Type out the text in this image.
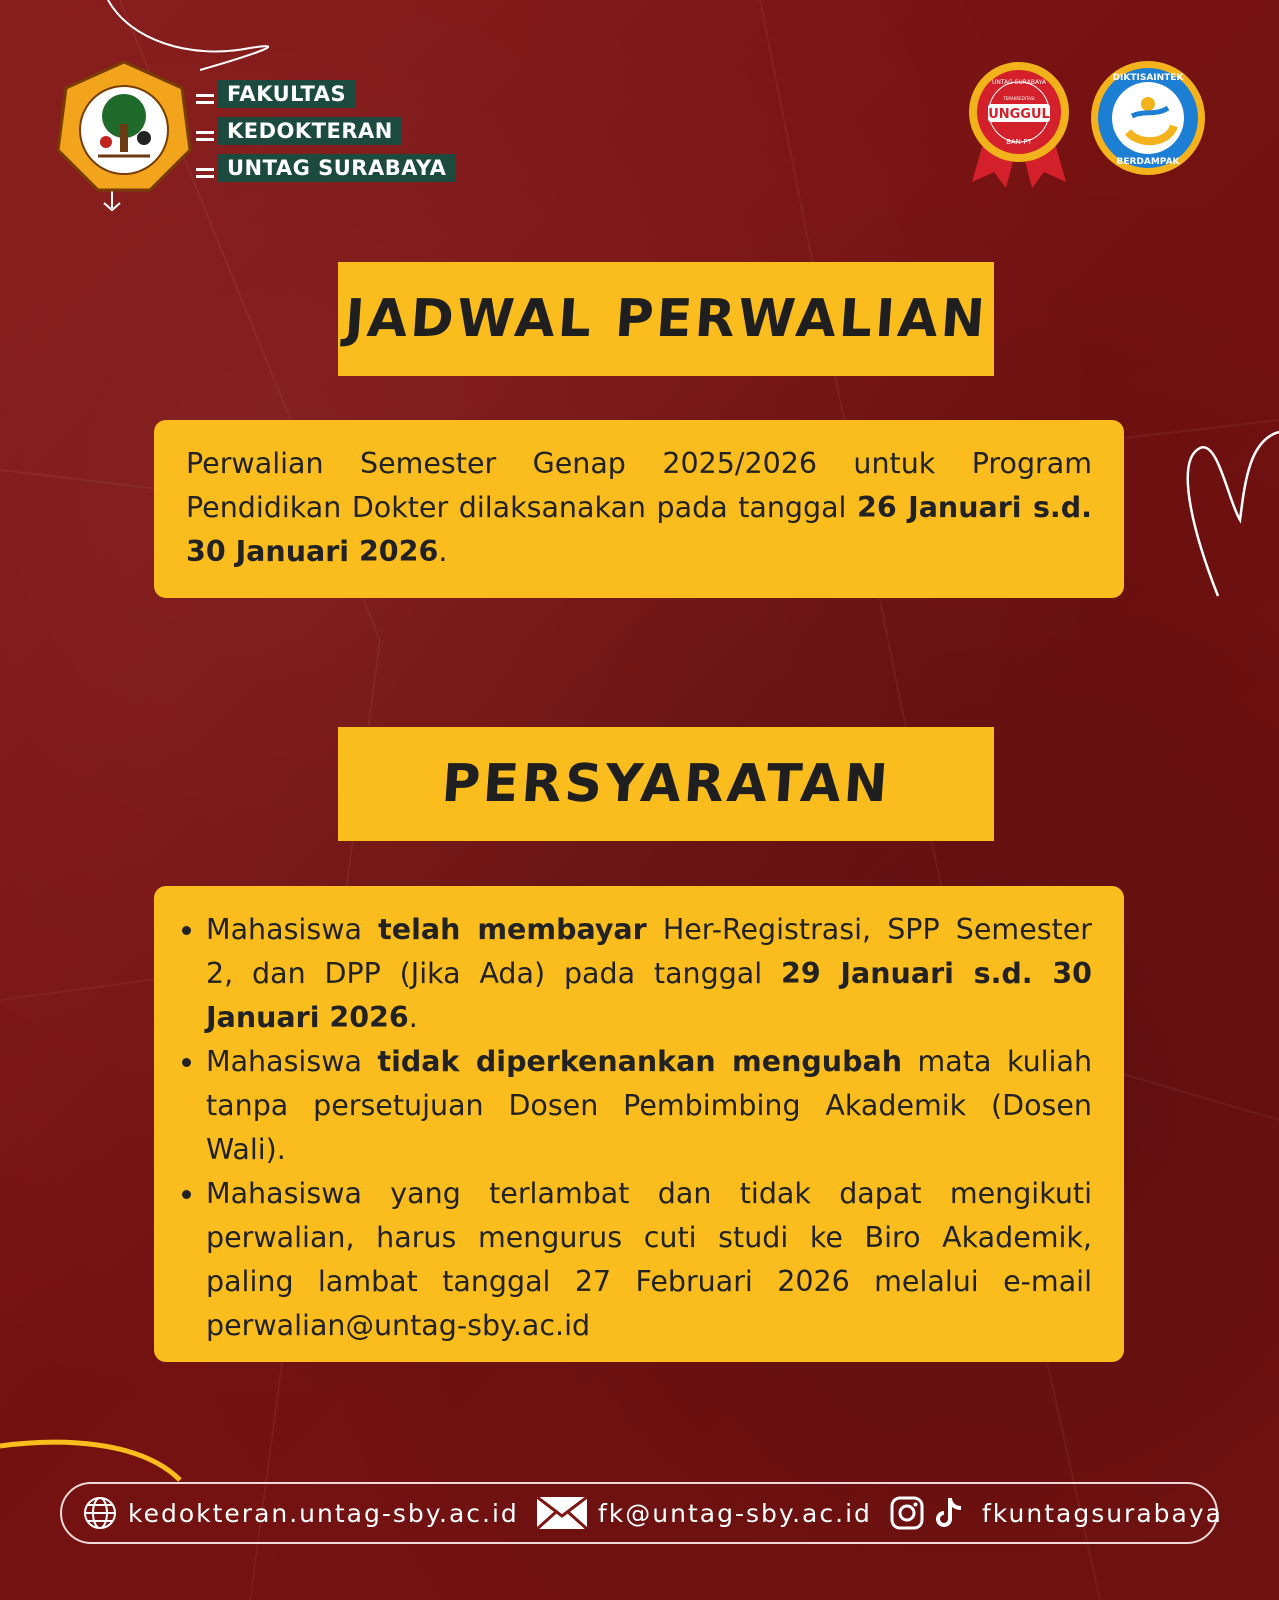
FAKULTAS
KEDOKTERAN
UNTAG SURABAYA
UNGGUL
TERAKREDITASI
UNTAG SURABAYA
BAN-PT
DIKTISAINTEK
BERDAMPAK
JADWAL PERWALIAN
Perwalian Semester Genap 2025/2026 untuk Program Pendidikan Dokter dilaksanakan pada tanggal 26 Januari s.d. 30 Januari 2026.
PERSYARATAN
• Mahasiswa telah membayar Her-Registrasi, SPP Semester 2, dan DPP (Jika Ada) pada tanggal 29 Januari s.d. 30 Januari 2026.
• Mahasiswa tidak diperkenankan mengubah mata kuliah tanpa persetujuan Dosen Pembimbing Akademik (Dosen Wali).
• Mahasiswa yang terlambat dan tidak dapat mengikuti perwalian, harus mengurus cuti studi ke Biro Akademik, paling lambat tanggal 27 Februari 2026 melalui e-mail perwalian@untag-sby.ac.id
kedokteran.untag-sby.ac.id	fk@untag-sby.ac.id	fkuntagsurabaya
